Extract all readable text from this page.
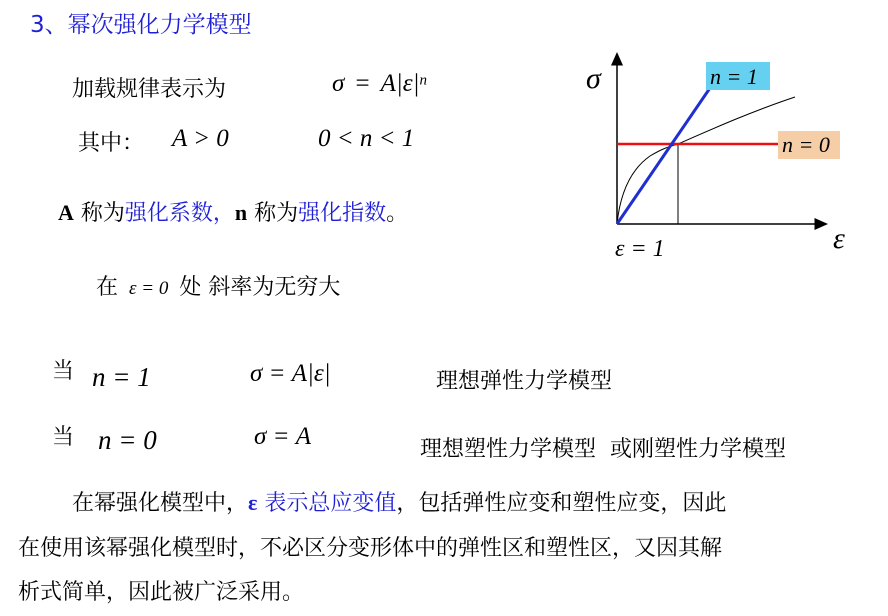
3、幂次强化力学模型
加载规律表示为	$\sigma = A|\varepsilon|^n$
其中： A > 0	0 < n < 1
A 称为强化系数，n 称为强化指数。
在 ε = 0 处 斜率为无穷大
当 n = 1	σ = A|ε|	理想弹性力学模型
当 n = 0	σ = A	理想塑性力学模型  或刚塑性力学模型
在幂强化模型中，ε 表示总应变值，包括弹性应变和塑性应变，因此
在使用该幂强化模型时，不必区分变形体中的弹性区和塑性区，又因其解
析式简单，因此被广泛采用。
n = 1
n = 0
σ
ε
ε = 1
